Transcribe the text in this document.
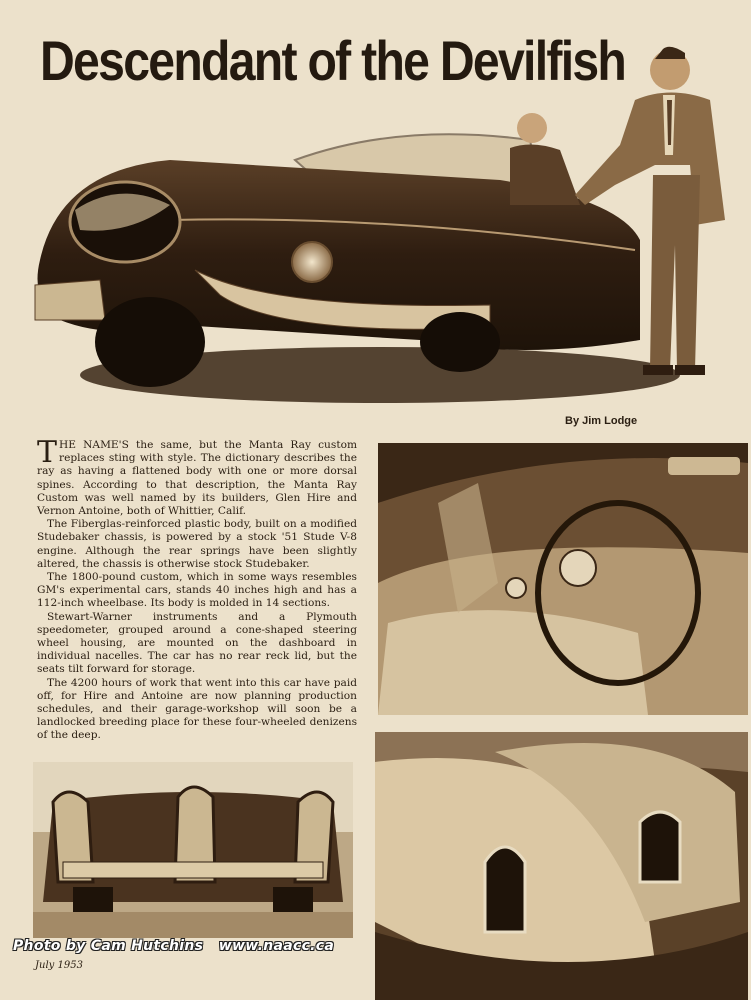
Descendant of the Devilfish
By Jim Lodge

THE NAME'S the same, but the Manta Ray custom replaces sting with style. The dictionary describes the ray as having a flattened body with one or more dorsal spines. According to that description, the Manta Ray Custom was well named by its builders, Glen Hire and Vernon Antoine, both of Whittier, Calif.

The Fiberglas-reinforced plastic body, built on a modified Studebaker chassis, is powered by a stock '51 Stude V-8 engine. Although the rear springs have been slightly altered, the chassis is otherwise stock Studebaker.

The 1800-pound custom, which in some ways resembles GM's experimental cars, stands 40 inches high and has a 112-inch wheelbase. Its body is molded in 14 sections.

Stewart-Warner instruments and a Plymouth speedometer, grouped around a cone-shaped steering wheel housing, are mounted on the dashboard in individual nacelles. The car has no rear reck lid, but the seats tilt forward for storage.

The 4200 hours of work that went into this car have paid off, for Hire and Antoine are now planning production schedules, and their garage-workshop will soon be a landlocked breeding place for these four-wheeled denizens of the deep.

Photo by Cam Hutchins   www.naacc.ca
July 1953
